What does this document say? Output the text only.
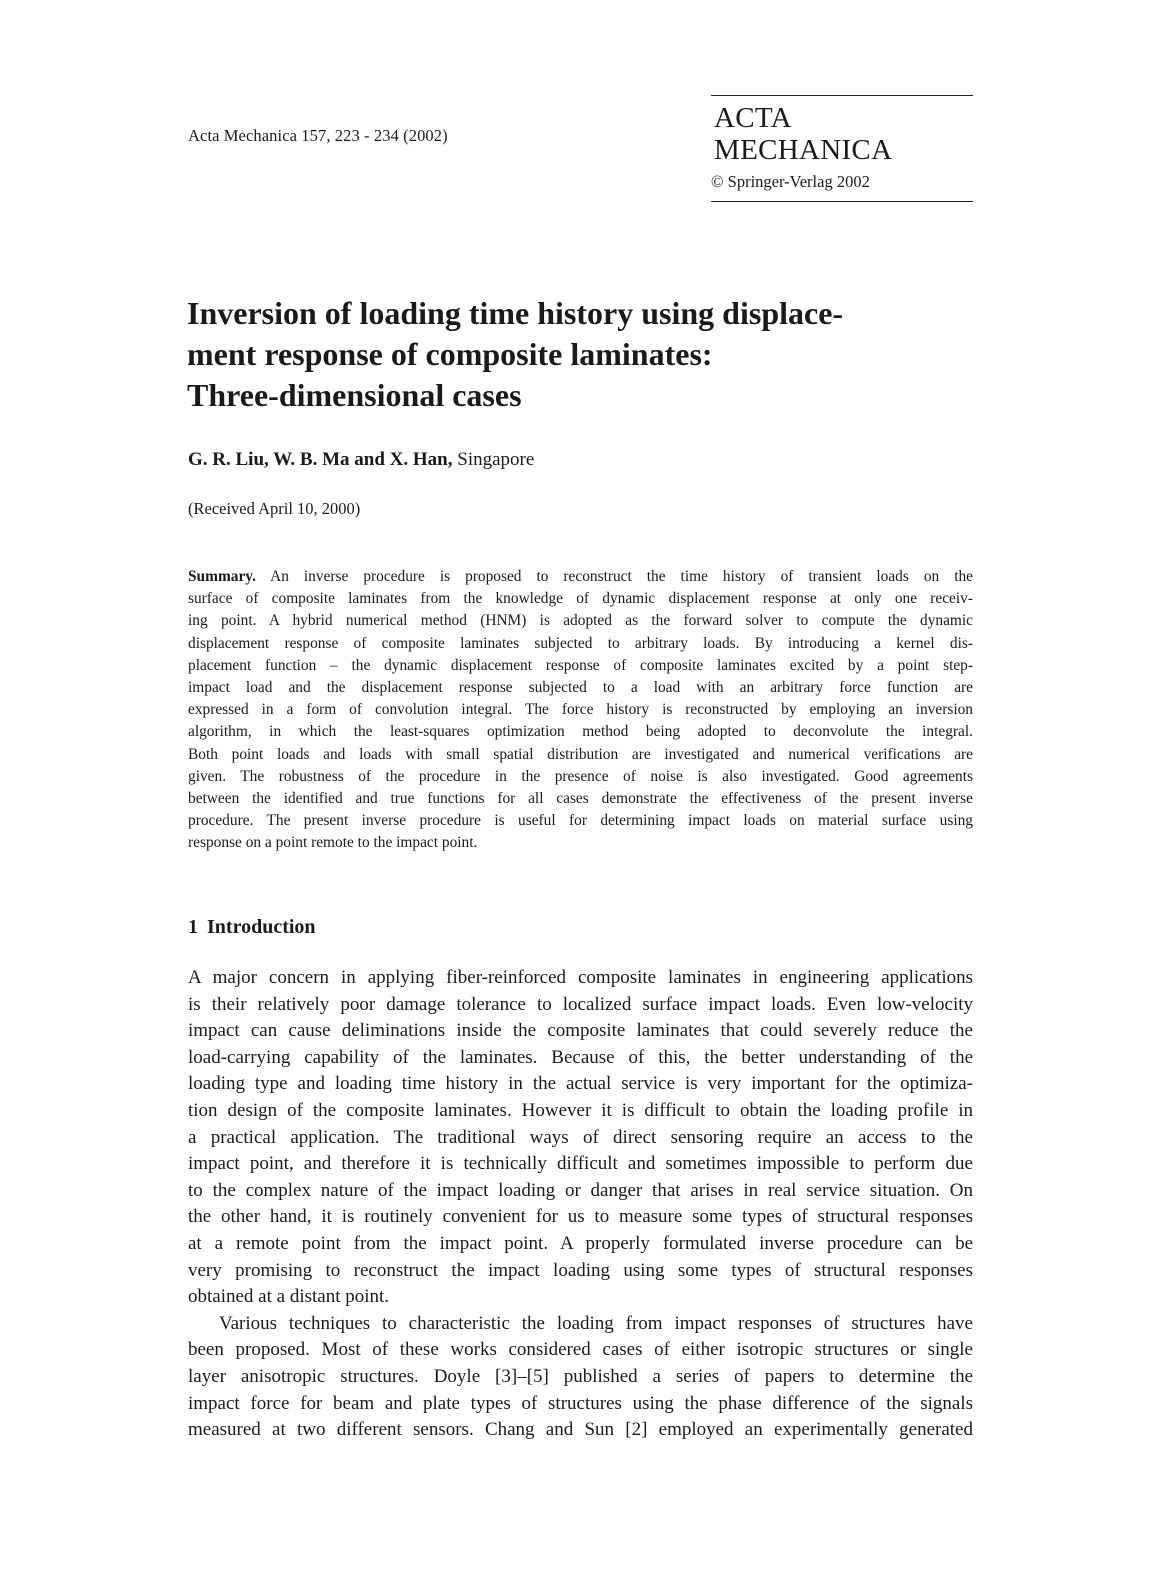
Acta Mechanica 157, 223 - 234 (2002)
ACTA MECHANICA
© Springer-Verlag 2002
Inversion of loading time history using displace-
ment response of composite laminates:
Three-dimensional cases
G. R. Liu, W. B. Ma and X. Han, Singapore
(Received April 10, 2000)
Summary. An inverse procedure is proposed to reconstruct the time history of transient loads on the
surface of composite laminates from the knowledge of dynamic displacement response at only one receiv-
ing point. A hybrid numerical method (HNM) is adopted as the forward solver to compute the dynamic
displacement response of composite laminates subjected to arbitrary loads. By introducing a kernel dis-
placement function – the dynamic displacement response of composite laminates excited by a point step-
impact load and the displacement response subjected to a load with an arbitrary force function are
expressed in a form of convolution integral. The force history is reconstructed by employing an inversion
algorithm, in which the least-squares optimization method being adopted to deconvolute the integral.
Both point loads and loads with small spatial distribution are investigated and numerical verifications are
given. The robustness of the procedure in the presence of noise is also investigated. Good agreements
between the identified and true functions for all cases demonstrate the effectiveness of the present inverse
procedure. The present inverse procedure is useful for determining impact loads on material surface using
response on a point remote to the impact point.
1 Introduction
A major concern in applying fiber-reinforced composite laminates in engineering applications
is their relatively poor damage tolerance to localized surface impact loads. Even low-velocity
impact can cause deliminations inside the composite laminates that could severely reduce the
load-carrying capability of the laminates. Because of this, the better understanding of the
loading type and loading time history in the actual service is very important for the optimiza-
tion design of the composite laminates. However it is difficult to obtain the loading profile in
a practical application. The traditional ways of direct sensoring require an access to the
impact point, and therefore it is technically difficult and sometimes impossible to perform due
to the complex nature of the impact loading or danger that arises in real service situation. On
the other hand, it is routinely convenient for us to measure some types of structural responses
at a remote point from the impact point. A properly formulated inverse procedure can be
very promising to reconstruct the impact loading using some types of structural responses
obtained at a distant point.
Various techniques to characteristic the loading from impact responses of structures have
been proposed. Most of these works considered cases of either isotropic structures or single
layer anisotropic structures. Doyle [3]–[5] published a series of papers to determine the
impact force for beam and plate types of structures using the phase difference of the signals
measured at two different sensors. Chang and Sun [2] employed an experimentally generated
